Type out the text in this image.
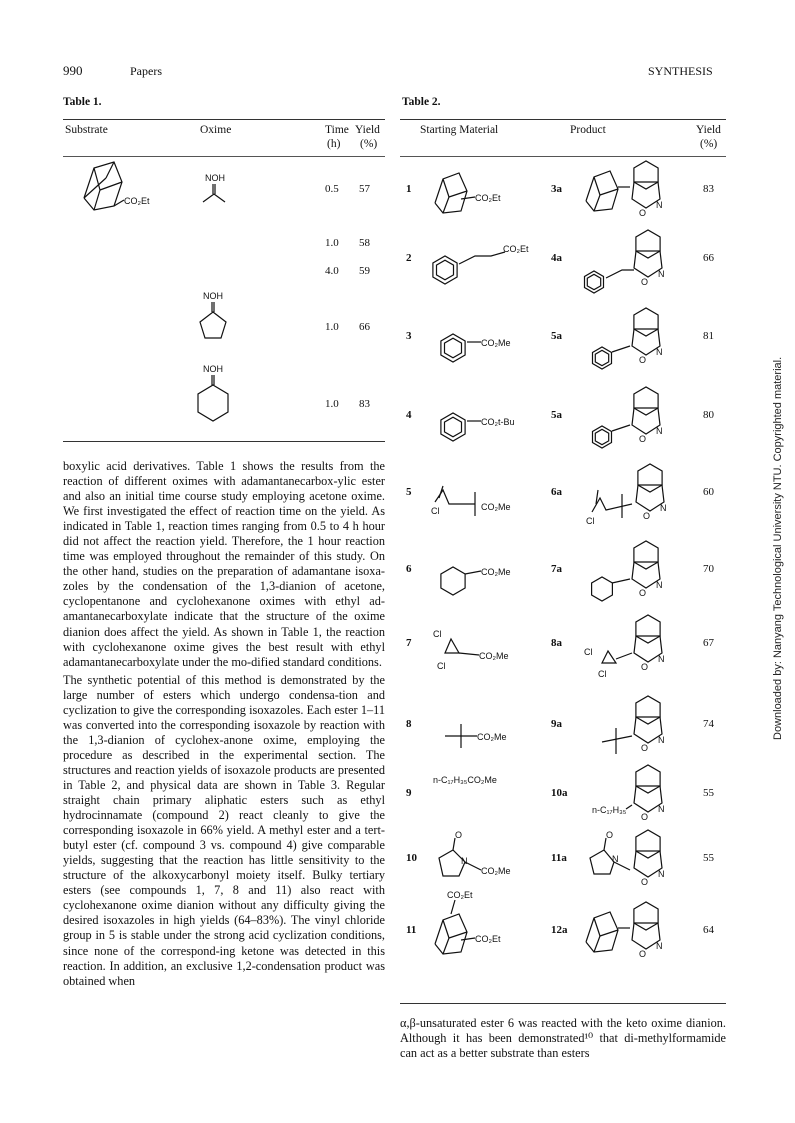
990	Papers	SYNTHESIS
Table 1.
Substrate	Oxime	Time
(h)
Yield
(%)
CO₂Et
NOH
0.5 57
1.0 58
4.0 59
NOH
1.0 66
NOH
1.0 83

boxylic acid derivatives. Table 1 shows the results from the reaction of different oximes with adamantanecarbox-ylic ester and also an initial time course study employing acetone oxime. We first investigated the effect of reaction time on the yield. As indicated in Table 1, reaction times ranging from 0.5 to 4 h hour did not affect the reaction yield. Therefore, the 1 hour reaction time was employed throughout the remainder of this study. On the other hand, studies on the preparation of adamantane isoxa-zoles by the condensation of the 1,3-dianion of acetone, cyclopentanone and cyclohexanone oximes with ethyl ad-amantanecarboxylate indicate that the structure of the oxime dianion does affect the yield. As shown in Table 1, the reaction with cyclohexanone oxime gives the best result with ethyl adamantanecarboxylate under the mo-dified standard conditions.

The synthetic potential of this method is demonstrated by the large number of esters which undergo condensa-tion and cyclization to give the corresponding isoxazoles. Each ester 1–11 was converted into the corresponding isoxazole by reaction with the 1,3-dianion of cyclohex-anone oxime, employing the procedure as described in the experimental section. The structures and reaction yields of isoxazole products are presented in Table 2, and physical data are shown in Table 3. Regular straight chain primary aliphatic esters such as ethyl hydrocinnamate (compound 2) react cleanly to give the corresponding isoxazole in 66% yield. A methyl ester and a tert-butyl ester (cf. compound 3 vs. compound 4) give comparable yields, suggesting that the reaction has little sensitivity to the structure of the alkoxycarbonyl moiety itself. Bulky tertiary esters (see compounds 1, 7, 8 and 11) also react with cyclohexanone oxime dianion without any difficulty giving the desired isoxazoles in high yields (64–83%). The vinyl chloride group in 5 is stable under the strong acid cyclization conditions, since none of the correspond-ing ketone was detected in this reaction. In addition, an exclusive 1,2-condensation product was obtained when

Table 2.
Starting Material	Product	Yield
(%)
1	3a	83
CO₂Et
O
N
2	4a	66
CO₂Et
O
N
3	5a	81
CO₂Me
O
N
4	5a	80
CO₂t-Bu
O
N
5	6a	60
Cl	CO₂Me
O
N
Cl
6	7a	70
CO₂Me
O
N
7	8a	67
Cl
Cl
CO₂Me
O
N
Cl
Cl
8	9a	74
CO₂Me
O
N
9	10a	55
n-C₁₇H₃₅CO₂Me
n-C₁₇H₃₅
O
N
10	11a	55
O
N
CO₂Me
O
N
O
N
11	12a	64
CO₂Et
CO₂Et
O
N
α,β-unsaturated ester 6 was reacted with the keto oxime dianion. Although it has been demonstrated¹⁰ that di-methylformamide can act as a better substrate than esters
Downloaded by: Nanyang Technological University NTU. Copyrighted material.
